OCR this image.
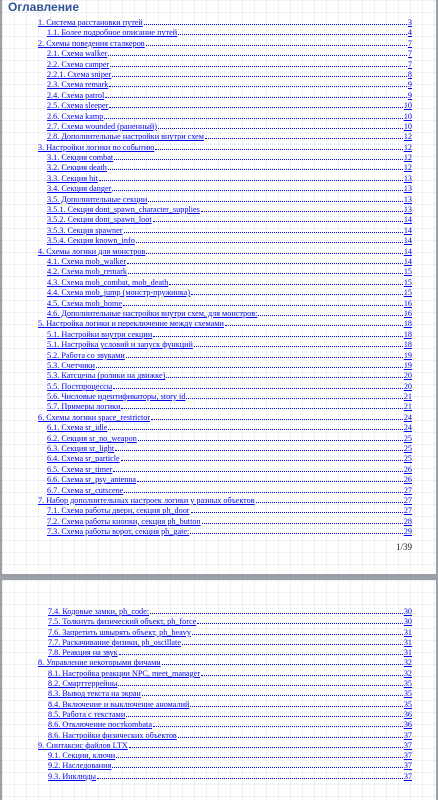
Оглавление
1. Система расстановки путей	3
1.1. Более подробное описание путей	4
2. Схемы поведения сталкеров	7
2.1. Схема walker	7
2.2. Схема camper	7
2.2.1. Схема sniper	8
2.3. Схема remark	9
2.4. Схема patrol	9
2.5. Схема sleeper	10
2.6. Схема kamp	10
2.7. Схема wounded (раненный)	10
2.8. Дополнительные настройки внутри схем	12
3. Настройки логики по событию	12
3.1. Секция combat	12
3.2. Секция death	12
3.3. Секция hit	13
3.4. Секция danger	13
3.5. Дополнительные секции	13
3.5.1. Секция dont_spawn_character_supplies	13
3.5.2. Секция dont_spawn_loot	14
3.5.3. Секция spawner	14
3.5.4. Секция known_info	14
4. Схемы логики для монстров	14
4.1. Схема mob_walker	14
4.2. Схема mob_remark	15
4.3. Схема mob_combat, mob_death	15
4.4. Схема mob_jump (монстр-пружинка)	15
4.5. Схема mob_home	16
4.6. Дополнительные настройки внутри схем, для монстров:	16
5. Настройка логики и переключение между схемами	18
5.1. Настройки внутри секции	18
5.1. Настройка условий и запуск функций	18
5.2. Работа со звуками	19
5.3. Счетчики	19
5.3. Катсцены (ролики на движке)	20
5.5. Постпроцессы	20
5.6. Числовые идентификаторы, story id	21
5.7. Примеры логики	21
6. Схемы логики space_restrictor	24
6.1. Схема sr_idle	24
6.2. Секция sr_no_weapon	25
6.3. Секция sr_light	25
6.4. Схема sr_particle	25
6.5. Схема sr_timer	26
6.6. Схема sr_psy_antenna	26
6.7. Схема sr_cutscene	27
7. Набор дополнительных настроек логики у разных объектов	27
7.1. Схема работы двери, секция ph_door	27
7.2. Схема работы кнопки, секция ph_button	28
7.3. Схема работы ворот, секция ph_gate:	29
1/39
7.4. Кодовые замки, ph_code:	30
7.5. Толкнуть физический объект, ph_force	30
7.6. Запретить швырять объект, ph_heavy	31
7.7. Раскачивание физики, ph_oscillate	31
7.8. Реакция на звук	31
8. Управление некоторыми фичами	32
8.1. Настройка реакции NPC, meet_manager	32
8.2. Смарттеррейны	35
8.3. Вывод текста на экран	35
8.4. Включение и выключение аномалий	35
8.5. Работа с текстами	36
8.6. Отключение постkombata	36
8.6. Настройки физических объектов	37
9. Синтаксис файлов LTX	37
9.1. Секции, ключи	37
9.2. Наследования	37
9.3. Инклюды	37
